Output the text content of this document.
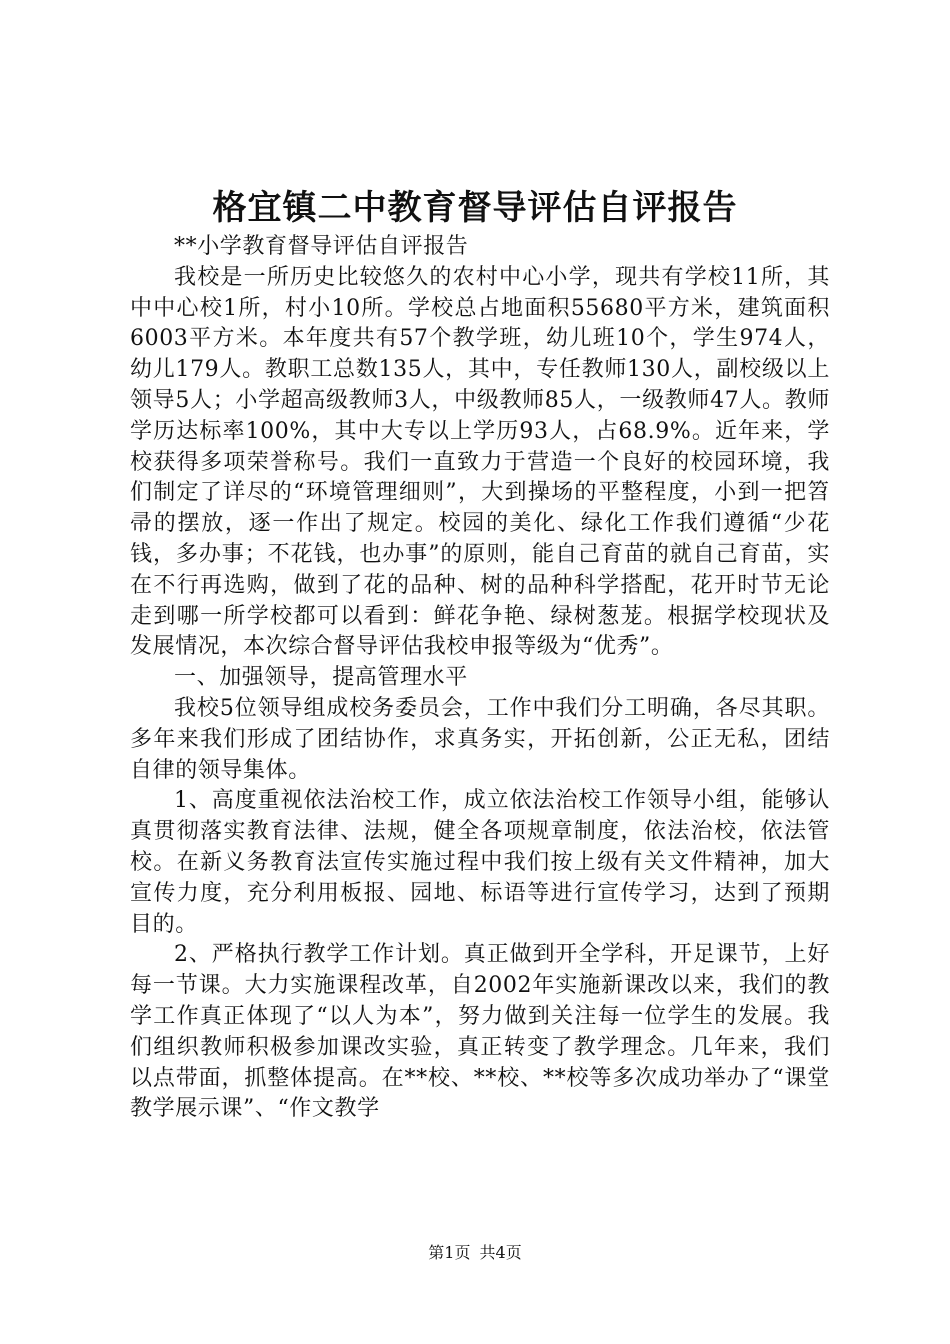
格宜镇二中教育督导评估自评报告

**小学教育督导评估自评报告

我校是一所历史比较悠久的农村中心小学，现共有学校11所，其中中心校1所，村小10所。学校总占地面积55680平方米，建筑面积6003平方米。本年度共有57个教学班，幼儿班10个，学生974人，幼儿179人。教职工总数135人，其中，专任教师130人，副校级以上领导5人；小学超高级教师3人，中级教师85人，一级教师47人。教师学历达标率100%，其中大专以上学历93人，占68.9%。近年来，学校获得多项荣誉称号。我们一直致力于营造一个良好的校园环境，我们制定了详尽的“环境管理细则”，大到操场的平整程度，小到一把笤帚的摆放，逐一作出了规定。校园的美化、绿化工作我们遵循“少花钱，多办事；不花钱，也办事”的原则，能自己育苗的就自己育苗，实在不行再选购，做到了花的品种、树的品种科学搭配，花开时节无论走到哪一所学校都可以看到：鲜花争艳、绿树葱茏。根据学校现状及发展情况，本次综合督导评估我校申报等级为“优秀”。

一、加强领导，提高管理水平

我校5位领导组成校务委员会，工作中我们分工明确，各尽其职。多年来我们形成了团结协作，求真务实，开拓创新，公正无私，团结自律的领导集体。

1、高度重视依法治校工作，成立依法治校工作领导小组，能够认真贯彻落实教育法律、法规，健全各项规章制度，依法治校，依法管校。在新义务教育法宣传实施过程中我们按上级有关文件精神，加大宣传力度，充分利用板报、园地、标语等进行宣传学习，达到了预期目的。

2、严格执行教学工作计划。真正做到开全学科，开足课节，上好每一节课。大力实施课程改革，自2002年实施新课改以来，我们的教学工作真正体现了“以人为本”，努力做到关注每一位学生的发展。我们组织教师积极参加课改实验，真正转变了教学理念。几年来，我们以点带面，抓整体提高。在**校、**校、**校等多次成功举办了“课堂教学展示课”、“作文教学

第1页 共4页
